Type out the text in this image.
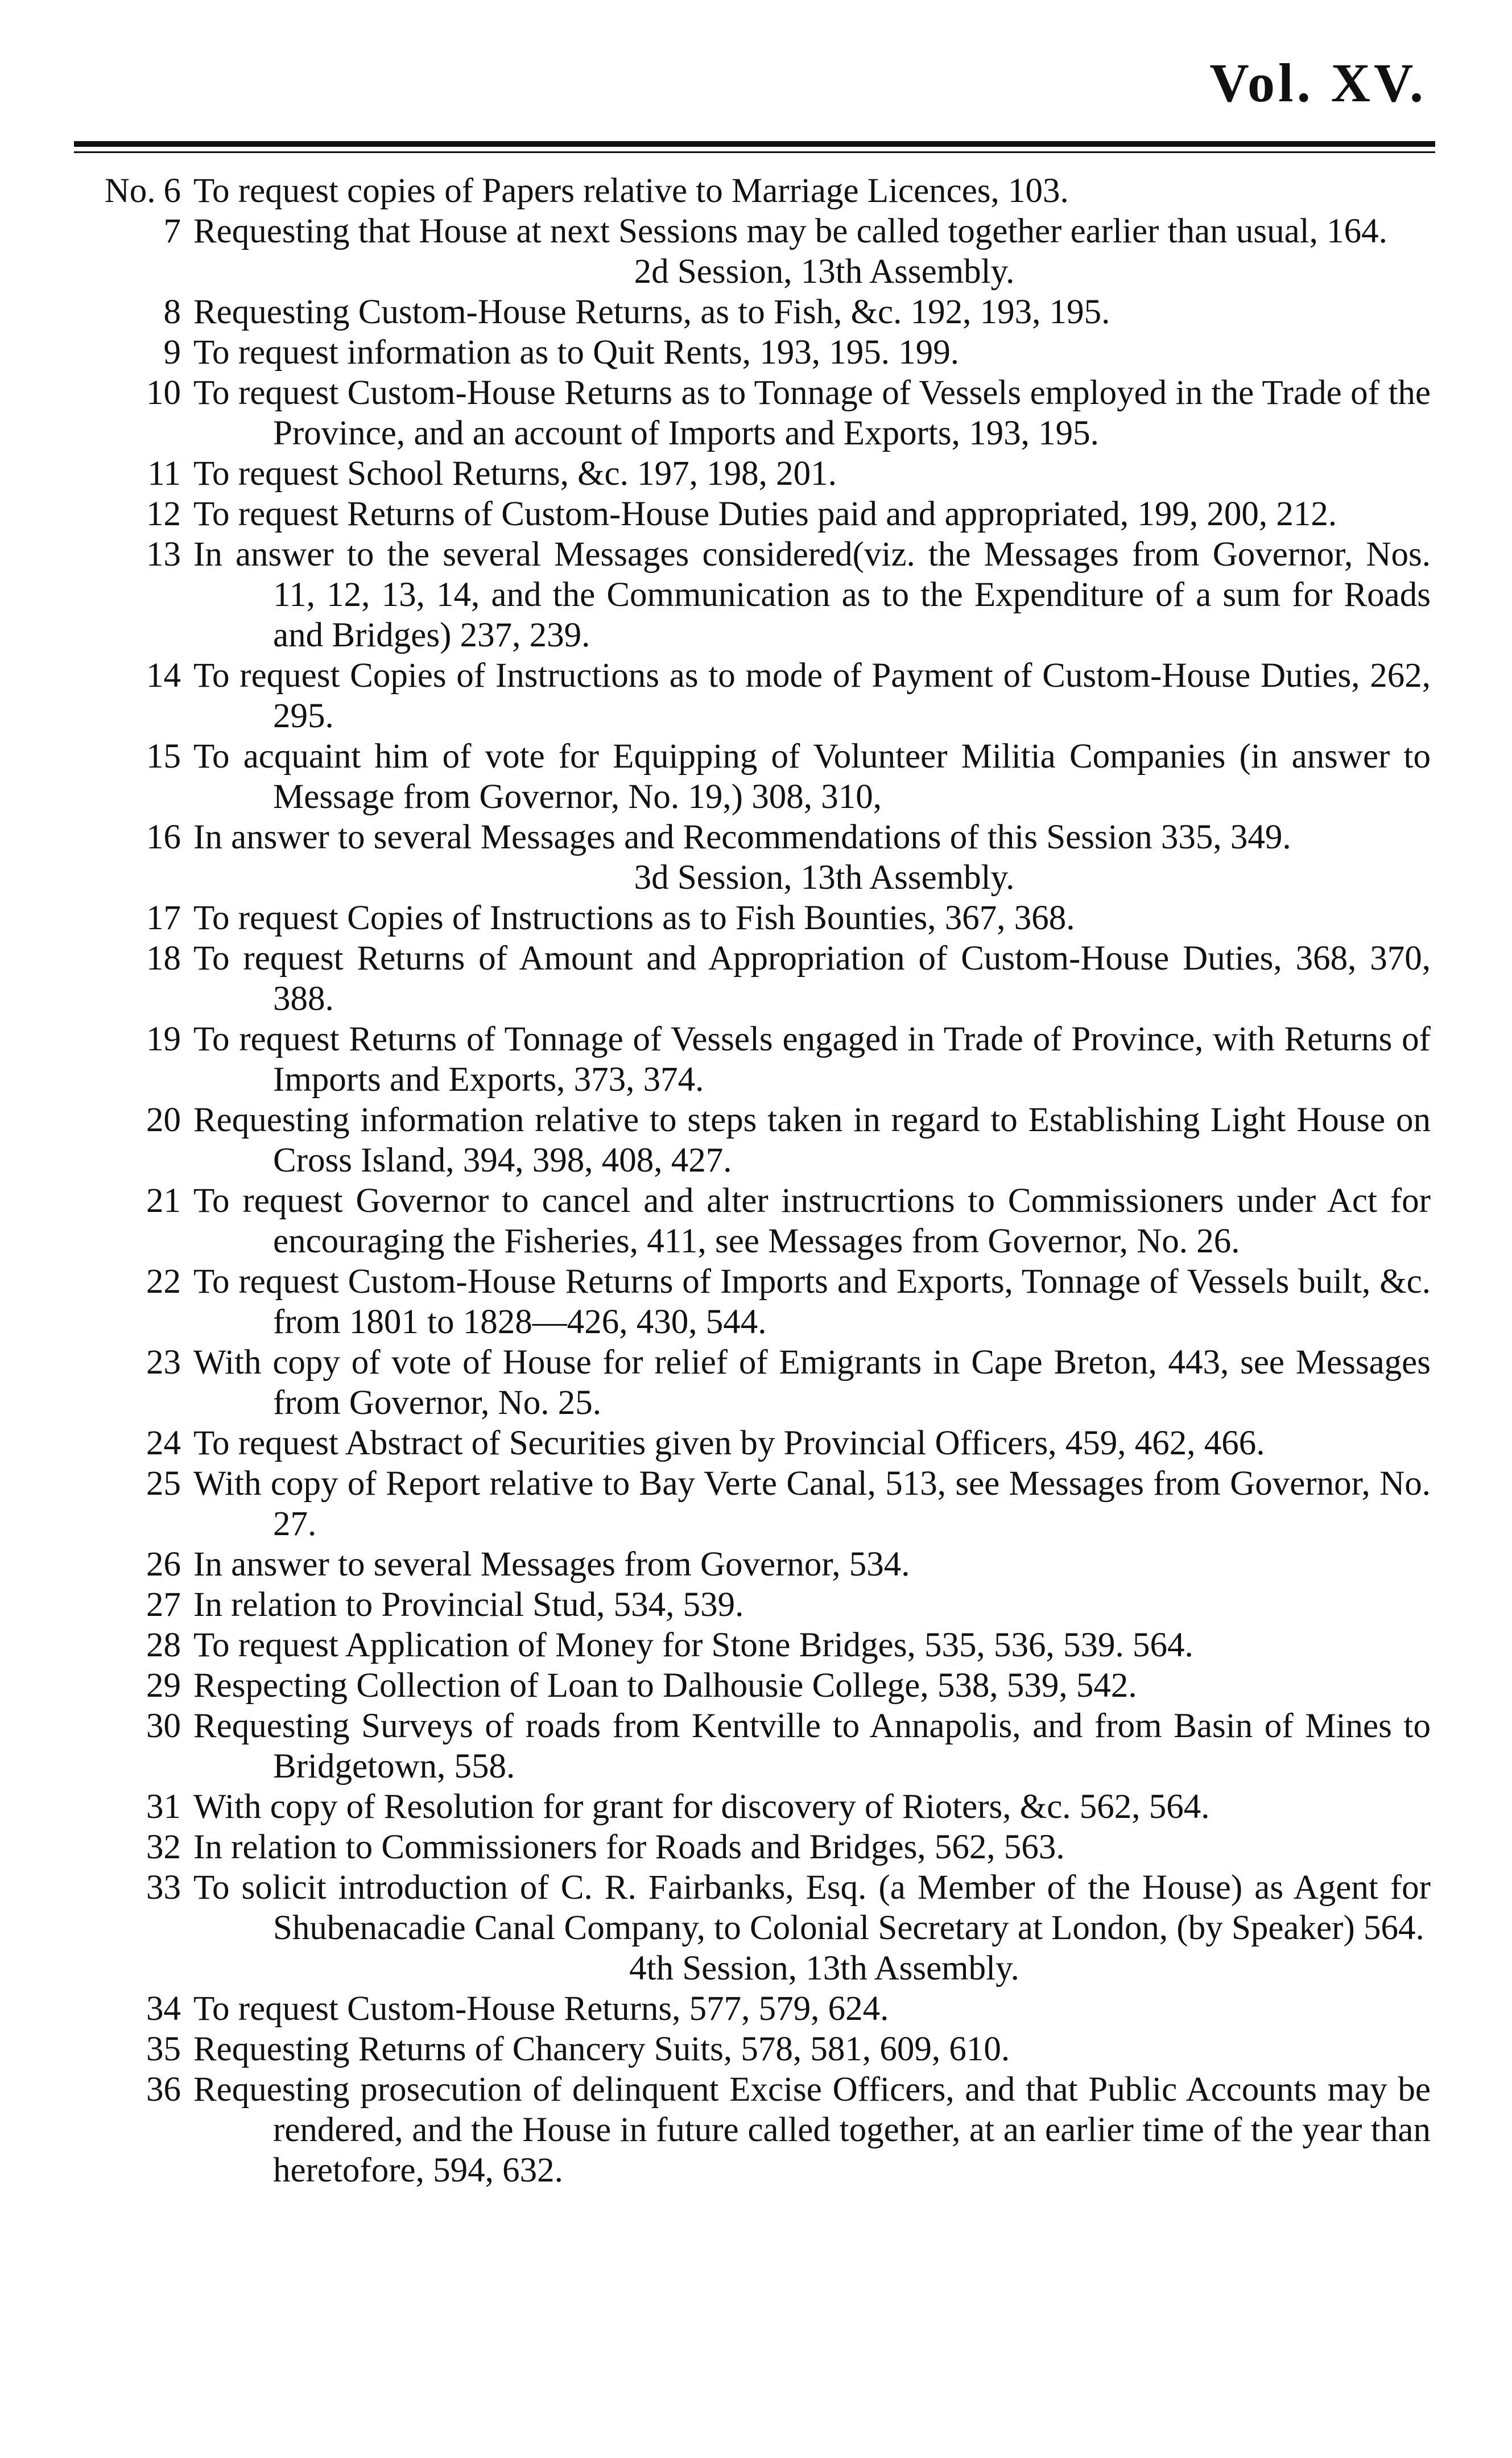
Vol. XV.
No. 6 To request copies of Papers relative to Marriage Licences, 103.
7 Requesting that House at next Sessions may be called together earlier than usual, 164.
2d Session, 13th Assembly.
8 Requesting Custom-House Returns, as to Fish, &c. 192, 193, 195.
9 To request information as to Quit Rents, 193, 195. 199.
10 To request Custom-House Returns as to Tonnage of Vessels employed in the Trade of the Province, and an account of Imports and Exports, 193, 195.
11 To request School Returns, &c. 197, 198, 201.
12 To request Returns of Custom-House Duties paid and appropriated, 199, 200, 212.
13 In answer to the several Messages considered(viz. the Messages from Governor, Nos. 11, 12, 13, 14, and the Communication as to the Expenditure of a sum for Roads and Bridges) 237, 239.
14 To request Copies of Instructions as to mode of Payment of Custom-House Duties, 262, 295.
15 To acquaint him of vote for Equipping of Volunteer Militia Companies (in answer to Message from Governor, No. 19,) 308, 310,
16 In answer to several Messages and Recommendations of this Session 335, 349.
3d Session, 13th Assembly.
17 To request Copies of Instructions as to Fish Bounties, 367, 368.
18 To request Returns of Amount and Appropriation of Custom-House Duties, 368, 370, 388.
19 To request Returns of Tonnage of Vessels engaged in Trade of Province, with Returns of Imports and Exports, 373, 374.
20 Requesting information relative to steps taken in regard to Establishing Light House on Cross Island, 394, 398, 408, 427.
21 To request Governor to cancel and alter instrucrtions to Commissioners under Act for encouraging the Fisheries, 411, see Messages from Governor, No. 26.
22 To request Custom-House Returns of Imports and Exports, Tonnage of Vessels built, &c. from 1801 to 1828—426, 430, 544.
23 With copy of vote of House for relief of Emigrants in Cape Breton, 443, see Messages from Governor, No. 25.
24 To request Abstract of Securities given by Provincial Officers, 459, 462, 466.
25 With copy of Report relative to Bay Verte Canal, 513, see Messages from Governor, No. 27.
26 In answer to several Messages from Governor, 534.
27 In relation to Provincial Stud, 534, 539.
28 To request Application of Money for Stone Bridges, 535, 536, 539. 564.
29 Respecting Collection of Loan to Dalhousie College, 538, 539, 542.
30 Requesting Surveys of roads from Kentville to Annapolis, and from Basin of Mines to Bridgetown, 558.
31 With copy of Resolution for grant for discovery of Rioters, &c. 562, 564.
32 In relation to Commissioners for Roads and Bridges, 562, 563.
33 To solicit introduction of C. R. Fairbanks, Esq. (a Member of the House) as Agent for Shubenacadie Canal Company, to Colonial Secretary at London, (by Speaker) 564.
4th Session, 13th Assembly.
34 To request Custom-House Returns, 577, 579, 624.
35 Requesting Returns of Chancery Suits, 578, 581, 609, 610.
36 Requesting prosecution of delinquent Excise Officers, and that Public Accounts may be rendered, and the House in future called together, at an earlier time of the year than heretofore, 594, 632.
